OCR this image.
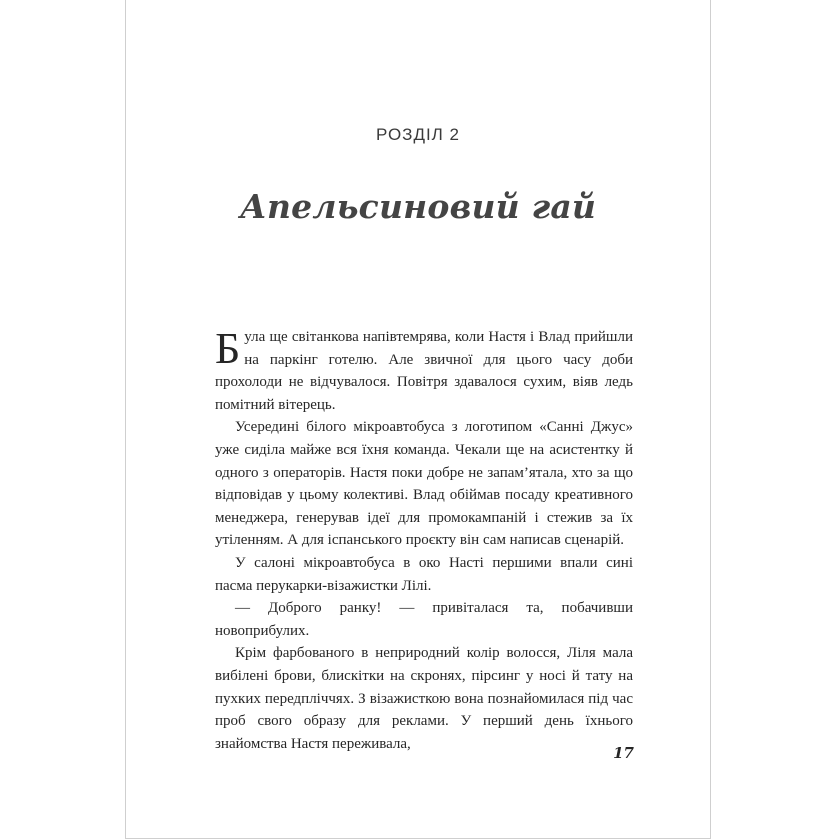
РОЗДІЛ 2
Апельсиновий гай

Була ще світанкова напівтемрява, коли Настя і Влад прийшли на паркінг готелю. Але звичної для цього часу доби прохолоди не відчувалося. Повітря здавалося сухим, віяв ледь помітний вітерець.

Усередині білого мікроавтобуса з логотипом «Санні Джус» уже сиділа майже вся їхня команда. Чекали ще на асистентку й одного з операторів. Настя поки добре не запам’ятала, хто за що відповідав у цьому колективі. Влад обіймав посаду креативного менеджера, генерував ідеї для промокампаній і стежив за їх утіленням. А для іспанського проєкту він сам написав сценарій.

У салоні мікроавтобуса в око Насті першими впали сині пасма перукарки-візажистки Лілі.

— Доброго ранку! — привіталася та, побачивши новоприбулих.

Крім фарбованого в неприродний колір волосся, Ліля мала вибілені брови, блискітки на скронях, пірсинг у носі й тату на пухких передпліччях. З візажисткою вона познайомилася під час проб свого образу для реклами. У перший день їхнього знайомства Настя переживала,

17
